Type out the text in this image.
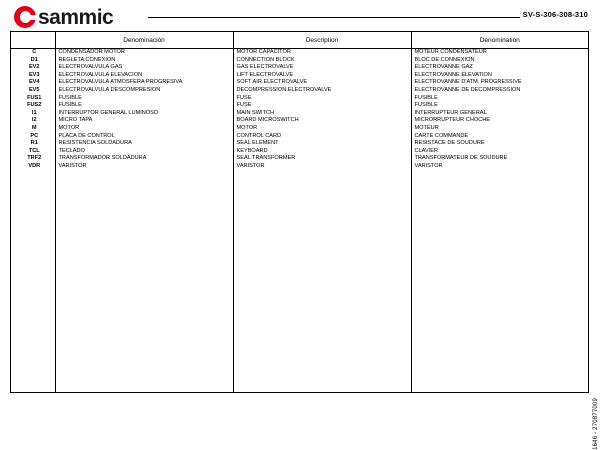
sammic	SV-S-306-308-310
	Denominación	Description	Dénomination
C	CONDENSADOR MOTOR	MOTOR CAPACITOR	MOTEUR CONDENSATEUR
D1	REGLETA CONEXION	CONNECTION BLOCK	BLOC DE CONNEXION
EV2	ELECTROVALVULA GAS	GAS ELECTROVALVE	ÉLECTROVANNE GAZ
EV3	ELECTROVALVULA ELEVACION	LIFT ELECTROVALVE	ÉLECTROVANNE ÉLÉVATION
EV4	ELECTROVALVULA ATMOSFERA PROGRESIVA	SOFT AIR ELECTROVALVE	ÉLECTROVANNE D'ATM. PROGRESSIVE
EV5	ELECTROVALVULA DESCOMPRESION	DECOMPRESSION ELECTROVALVE	ÉLECTROVANNE DE DÉCOMPRESSION
FUS1	FUSIBLE	FUSE	FUSIBLE
FUS2	FUSIBLE	FUSE	FUSIBLE
I1	INTERRUPTOR GENERAL LUMINOSO	MAIN SWITCH	INTERRUPTEUR GÉNÉRAL
I2	MICRO TAPA	BOARD MICROSWITCH	MICRORRUPTEUR CHOCHE
M	MOTOR	MOTOR	MOTEUR
PC	PLACA DE CONTROL	CONTROL CARD	CARTE COMMANDE
R1	RESISTENCIA SOLDADURA	SEAL ELEMENT	RÉSISTACE DE SOUDURE
TCL	TECLADO	KEYBOARD	CLAVIER
TRF2	TRANSFORMADOR SOLDADURA	SEAL TRANSFORMER	TRANSFORMATEUR DE SOUDURE
VDR	VARISTOR	VARISTOR	VARISTOR

1646 - 270877009
